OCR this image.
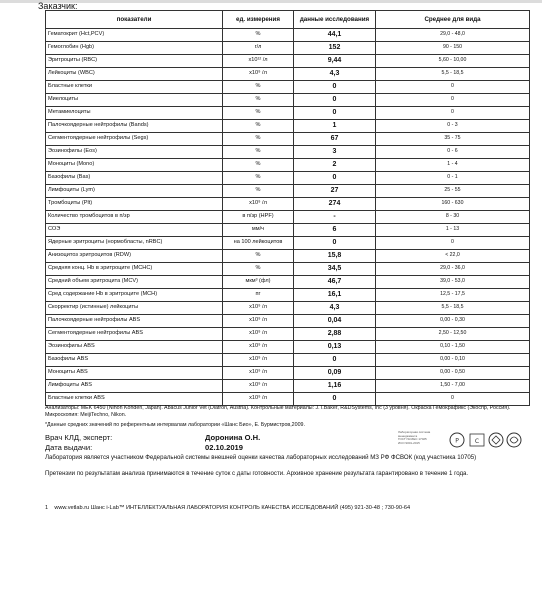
Заказчик:
показатели	ед. измерения	данные исследования	Среднее для вида
Гематокрит (Hct,PCV)	%	44,1	29,0 - 48,0
Гемоглобин (Hgb)	г/л	152	90 - 150
Эритроциты (RBC)	х10¹² /л	9,44	5,60 - 10,00
Лейкоциты (WBC)	х10⁹ /л	4,3	5,5 - 18,5
Бластные клетки	%	0	0
Миелоциты	%	0	0
Метамиелоциты	%	0	0
Палочкоядерные нейтрофилы (Bands)	%	1	0 - 3
Сегментоядерные нейтрофилы (Segs)	%	67	35 - 75
Эозинофилы (Eos)	%	3	0 - 6
Моноциты (Mono)	%	2	1 - 4
Базофилы (Bas)	%	0	0 - 1
Лимфоциты (Lym)	%	27	25 - 55
Тромбоциты (Plt)	х10⁹ /л	274	160 - 630
Количество тромбоцитов в п/зр	в п/зр (HPF)	-	8 - 30
СОЭ	мм/ч	6	1 - 13
Ядерные эритроциты (нормобласты, nRBC)	на 100 лейкоцитов	0	0
Анизоцитоз эритроцитов (RDW)	%	15,8	< 22,0
Средняя конц. Hb в эритроците (MCHC)	%	34,5	29,0 - 36,0
Средний объем эритроцита (MCV)	мкм³ (фл)	46,7	39,0 - 53,0
Сред содержание Hb в эритроците (MCH)	пг	16,1	12,5 - 17,5
Скорректир (истинные) лейкоциты	х10⁹ /л	4,3	5,5 - 18,5
Палочкоядерные нейтрофилы ABS	х10⁹ /л	0,04	0,00 - 0,30
Сегментоядерные нейтрофилы ABS	х10⁹ /л	2,88	2,50 - 12,50
Эозинофилы ABS	х10⁹ /л	0,13	0,10 - 1,50
Базофилы ABS	х10⁹ /л	0	0,00 - 0,10
Моноциты ABS	х10⁹ /л	0,09	0,00 - 0,50
Лимфоциты ABS	х10⁹ /л	1,16	1,50 - 7,00
Бластные клетки ABS	х10⁹ /л	0	0
Анализаторы: MEK 6450 (Nihon Kohden, Japan). Abacus Junior Vet (Diatron, Austria). Контрольные материалы: J.T.Baker, R&DSystems, Inc (3 уровня). Окраска Гемоkрафикс (Экоспр, Россия). Микроскопия: MeijiTechno, Nikon.
*Данные средних значений по референтным интервалам лаборатории «Шанс Био», Е. Бурмистров,2009.
Врач КЛД, эксперт:	Доронина О.Н.
Дата выдачи:	02.10.2019
Лабораторная система менеджмента
ГОСТ ISO/IEC 17025
ИСО 9001-2015	Р	С
Лаборатория является участником Федеральной системы внешней оценки качества лабораторных исследований МЗ РФ ФСВОК (код участника 10705)
Претензии по результатам анализа принимаются в течение суток с даты готовности. Архивное хранение результата гарантировано в течение 1 года.
1 www.vetlab.ru Шанс i-Lab™ ИНТЕЛЛЕКТУАЛЬНАЯ ЛАБОРАТОРИЯ КОНТРОЛЬ КАЧЕСТВА ИССЛЕДОВАНИЙ (495) 921-30-48 ; 730-90-64
